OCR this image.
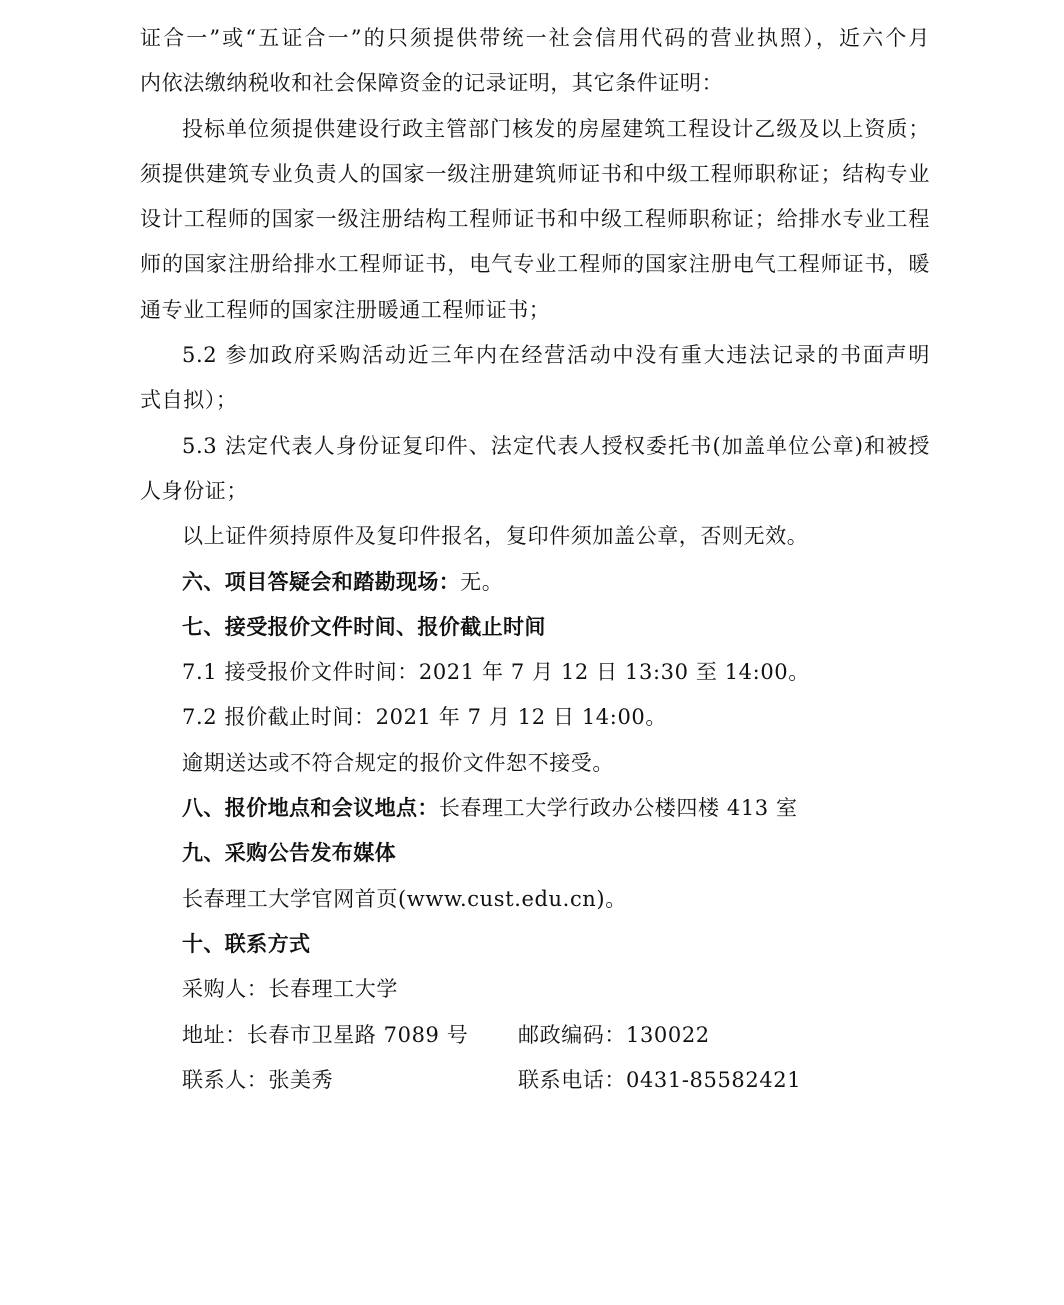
证合一”或“五证合一”的只须提供带统一社会信用代码的营业执照），近六个月
内依法缴纳税收和社会保障资金的记录证明，其它条件证明：
投标单位须提供建设行政主管部门核发的房屋建筑工程设计乙级及以上资质；
须提供建筑专业负责人的国家一级注册建筑师证书和中级工程师职称证；结构专业
设计工程师的国家一级注册结构工程师证书和中级工程师职称证；给排水专业工程
师的国家注册给排水工程师证书，电气专业工程师的国家注册电气工程师证书，暖
通专业工程师的国家注册暖通工程师证书；
5.2 参加政府采购活动近三年内在经营活动中没有重大违法记录的书面声明
式自拟）；
5.3 法定代表人身份证复印件、法定代表人授权委托书(加盖单位公章)和被授
人身份证；
以上证件须持原件及复印件报名，复印件须加盖公章，否则无效。
六、项目答疑会和踏勘现场：无。
七、接受报价文件时间、报价截止时间
7.1 接受报价文件时间：2021 年 7 月 12 日 13:30 至 14:00。
7.2 报价截止时间：2021 年 7 月 12 日 14:00。
逾期送达或不符合规定的报价文件恕不接受。
八、报价地点和会议地点：长春理工大学行政办公楼四楼 413 室
九、采购公告发布媒体
长春理工大学官网首页(www.cust.edu.cn)。
十、联系方式
采购人：长春理工大学
地址：长春市卫星路 7089 号 邮政编码：130022
联系人：张美秀	联系电话：0431-85582421
